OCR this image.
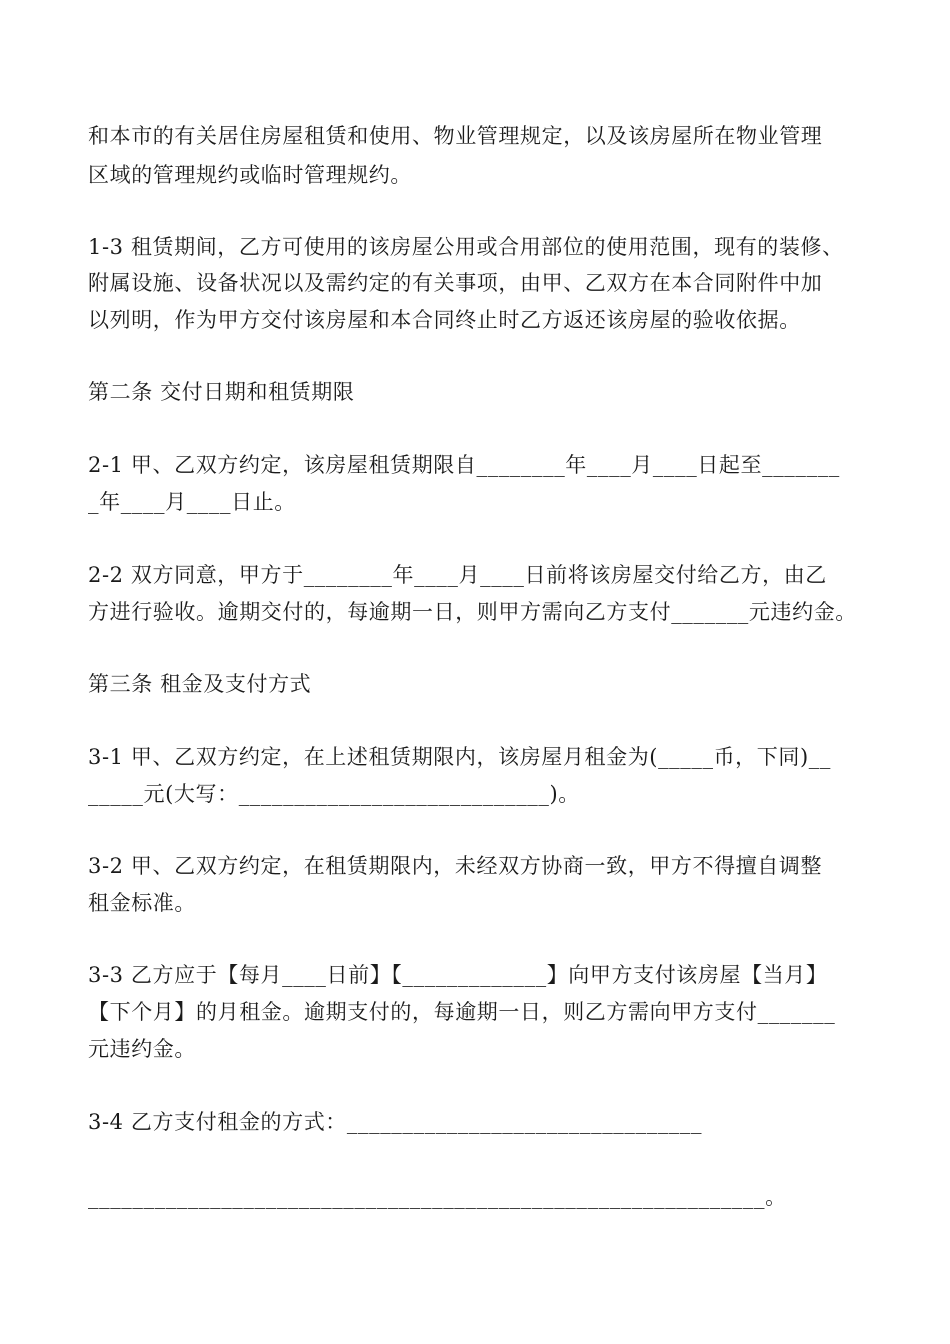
和本市的有关居住房屋租赁和使用、物业管理规定，以及该房屋所在物业管理
区域的管理规约或临时管理规约。
1-3 租赁期间，乙方可使用的该房屋公用或合用部位的使用范围，现有的装修、
附属设施、设备状况以及需约定的有关事项，由甲、乙双方在本合同附件中加
以列明，作为甲方交付该房屋和本合同终止时乙方返还该房屋的验收依据。
第二条 交付日期和租赁期限
2-1 甲、乙双方约定，该房屋租赁期限自________年____月____日起至_______
_年____月____日止。
2-2 双方同意，甲方于________年____月____日前将该房屋交付给乙方，由乙
方进行验收。逾期交付的，每逾期一日，则甲方需向乙方支付_______元违约金。
第三条 租金及支付方式
3-1 甲、乙双方约定，在上述租赁期限内，该房屋月租金为(_____币，下同)__
_____元(大写：____________________________)。
3-2 甲、乙双方约定，在租赁期限内，未经双方协商一致，甲方不得擅自调整
租金标准。
3-3 乙方应于【每月____日前】【_____________】向甲方支付该房屋【当月】
【下个月】的月租金。逾期支付的，每逾期一日，则乙方需向甲方支付_______
元违约金。
3-4 乙方支付租金的方式：________________________________
_____________________________________________________________。
